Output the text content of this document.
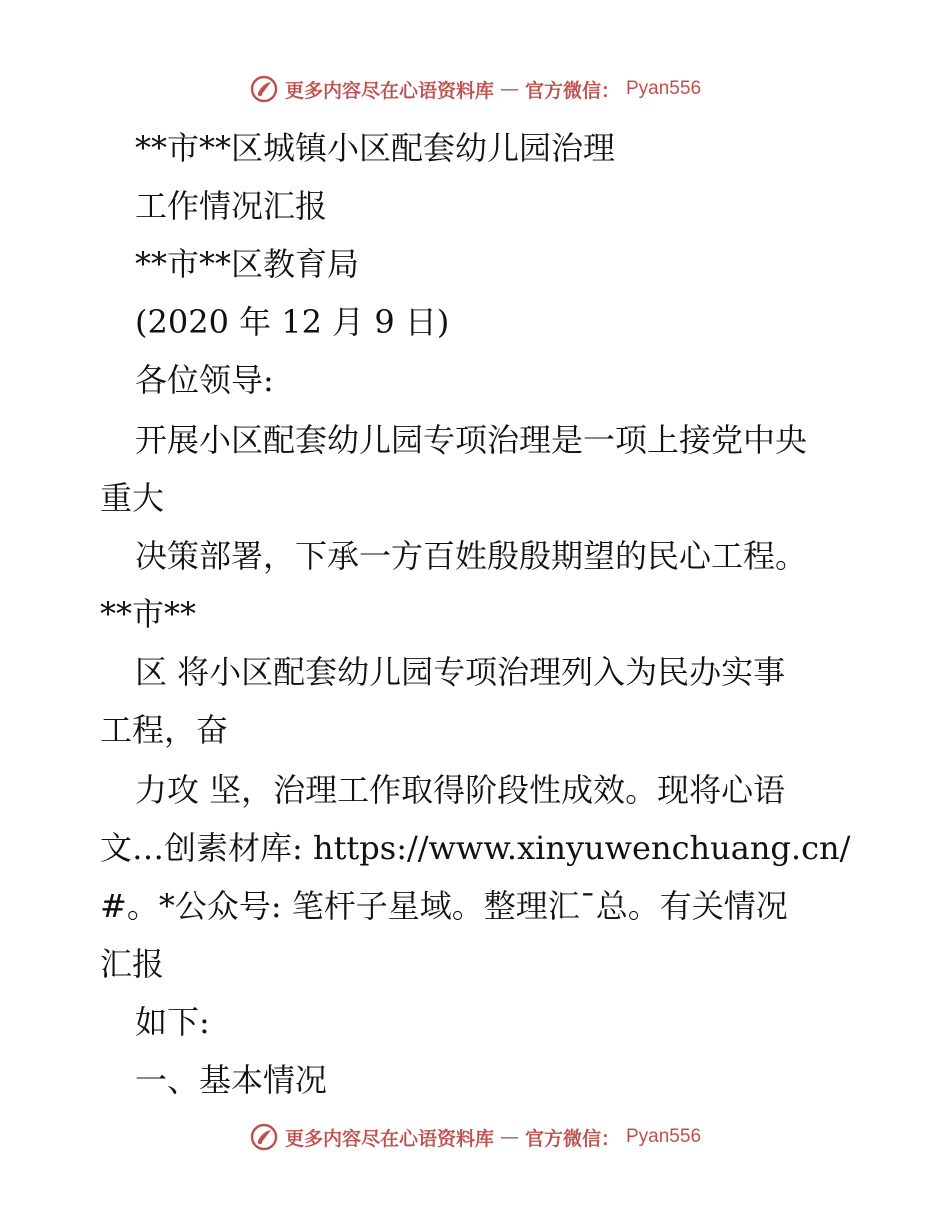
更多内容尽在心语资料库 — 官方微信： Pyan556
**市**区城镇小区配套幼儿园治理
工作情况汇报
**市**区教育局
(2020 年 12 月 9 日)
各位领导:
开展小区配套幼儿园专项治理是一项上接党中央
重大
决策部署，下承一方百姓殷殷期望的民心工程。
**市**
区 将小区配套幼儿园专项治理列入为民办实事
工程，奋
力攻 坚，治理工作取得阶段性成效。现将心语
文…创素材库: https://www.xinyuwenchuang.cn/
#。*公众号: 笔杆子星域。整理汇¯总。有关情况
汇报
如下:
一、基本情况
更多内容尽在心语资料库 — 官方微信： Pyan556
